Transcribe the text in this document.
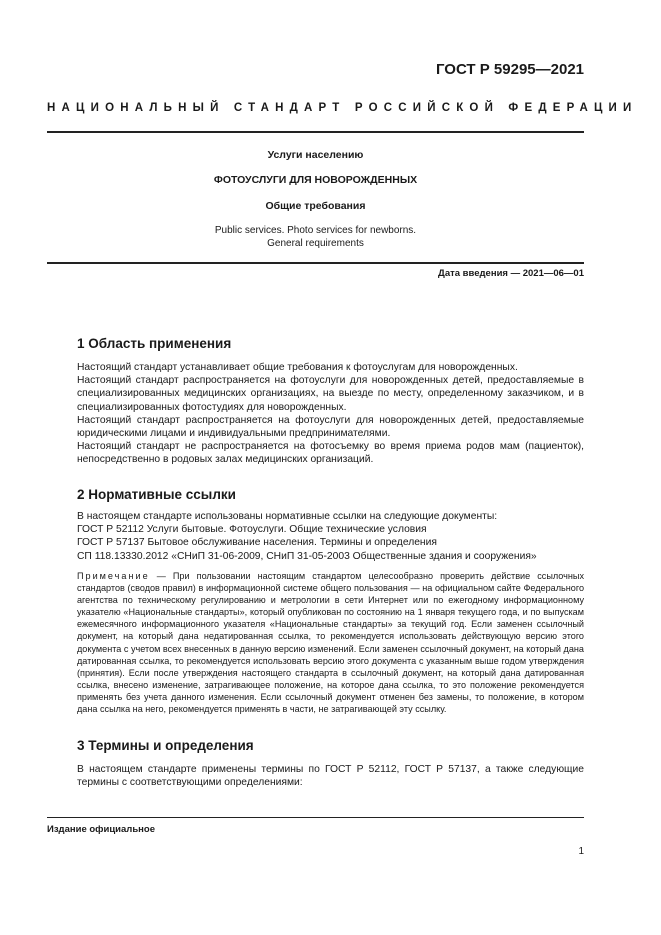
ГОСТ Р 59295—2021
НАЦИОНАЛЬНЫЙ СТАНДАРТ РОССИЙСКОЙ ФЕДЕРАЦИИ
Услуги населению
ФОТОУСЛУГИ ДЛЯ НОВОРОЖДЕННЫХ
Общие требования
Public services. Photo services for newborns.
General requirements
Дата введения — 2021—06—01
1 Область применения

Настоящий стандарт устанавливает общие требования к фотоуслугам для новорожденных.

Настоящий стандарт распространяется на фотоуслуги для новорожденных детей, предоставляемые в специализированных медицинских организациях, на выезде по месту, определенному заказчиком, и в специализированных фотостудиях для новорожденных.

Настоящий стандарт распространяется на фотоуслуги для новорожденных детей, предоставляемые юридическими лицами и индивидуальными предпринимателями.

Настоящий стандарт не распространяется на фотосъемку во время приема родов мам (пациенток), непосредственно в родовых залах медицинских организаций.

2 Нормативные ссылки

В настоящем стандарте использованы нормативные ссылки на следующие документы:

ГОСТ Р 52112 Услуги бытовые. Фотоуслуги. Общие технические условия

ГОСТ Р 57137 Бытовое обслуживание населения. Термины и определения

СП 118.13330.2012 «СНиП 31-06-2009, СНиП 31-05-2003 Общественные здания и сооружения»

Примечание — При пользовании настоящим стандартом целесообразно проверить действие ссылочных стандартов (сводов правил) в информационной системе общего пользования — на официальном сайте Федерального агентства по техническому регулированию и метрологии в сети Интернет или по ежегодному информационному указателю «Национальные стандарты», который опубликован по состоянию на 1 января текущего года, и по выпускам ежемесячного информационного указателя «Национальные стандарты» за текущий год. Если заменен ссылочный документ, на который дана недатированная ссылка, то рекомендуется использовать действующую версию этого документа с учетом всех внесенных в данную версию изменений. Если заменен ссылочный документ, на который дана датированная ссылка, то рекомендуется использовать версию этого документа с указанным выше годом утверждения (принятия). Если после утверждения настоящего стандарта в ссылочный документ, на который дана датированная ссылка, внесено изменение, затрагивающее положение, на которое дана ссылка, то это положение рекомендуется применять без учета данного изменения. Если ссылочный документ отменен без замены, то положение, в котором дана ссылка на него, рекомендуется применять в части, не затрагивающей эту ссылку.
3 Термины и определения

В настоящем стандарте применены термины по ГОСТ Р 52112, ГОСТ Р 57137, а также следующие термины с соответствующими определениями:

Издание официальное
1
